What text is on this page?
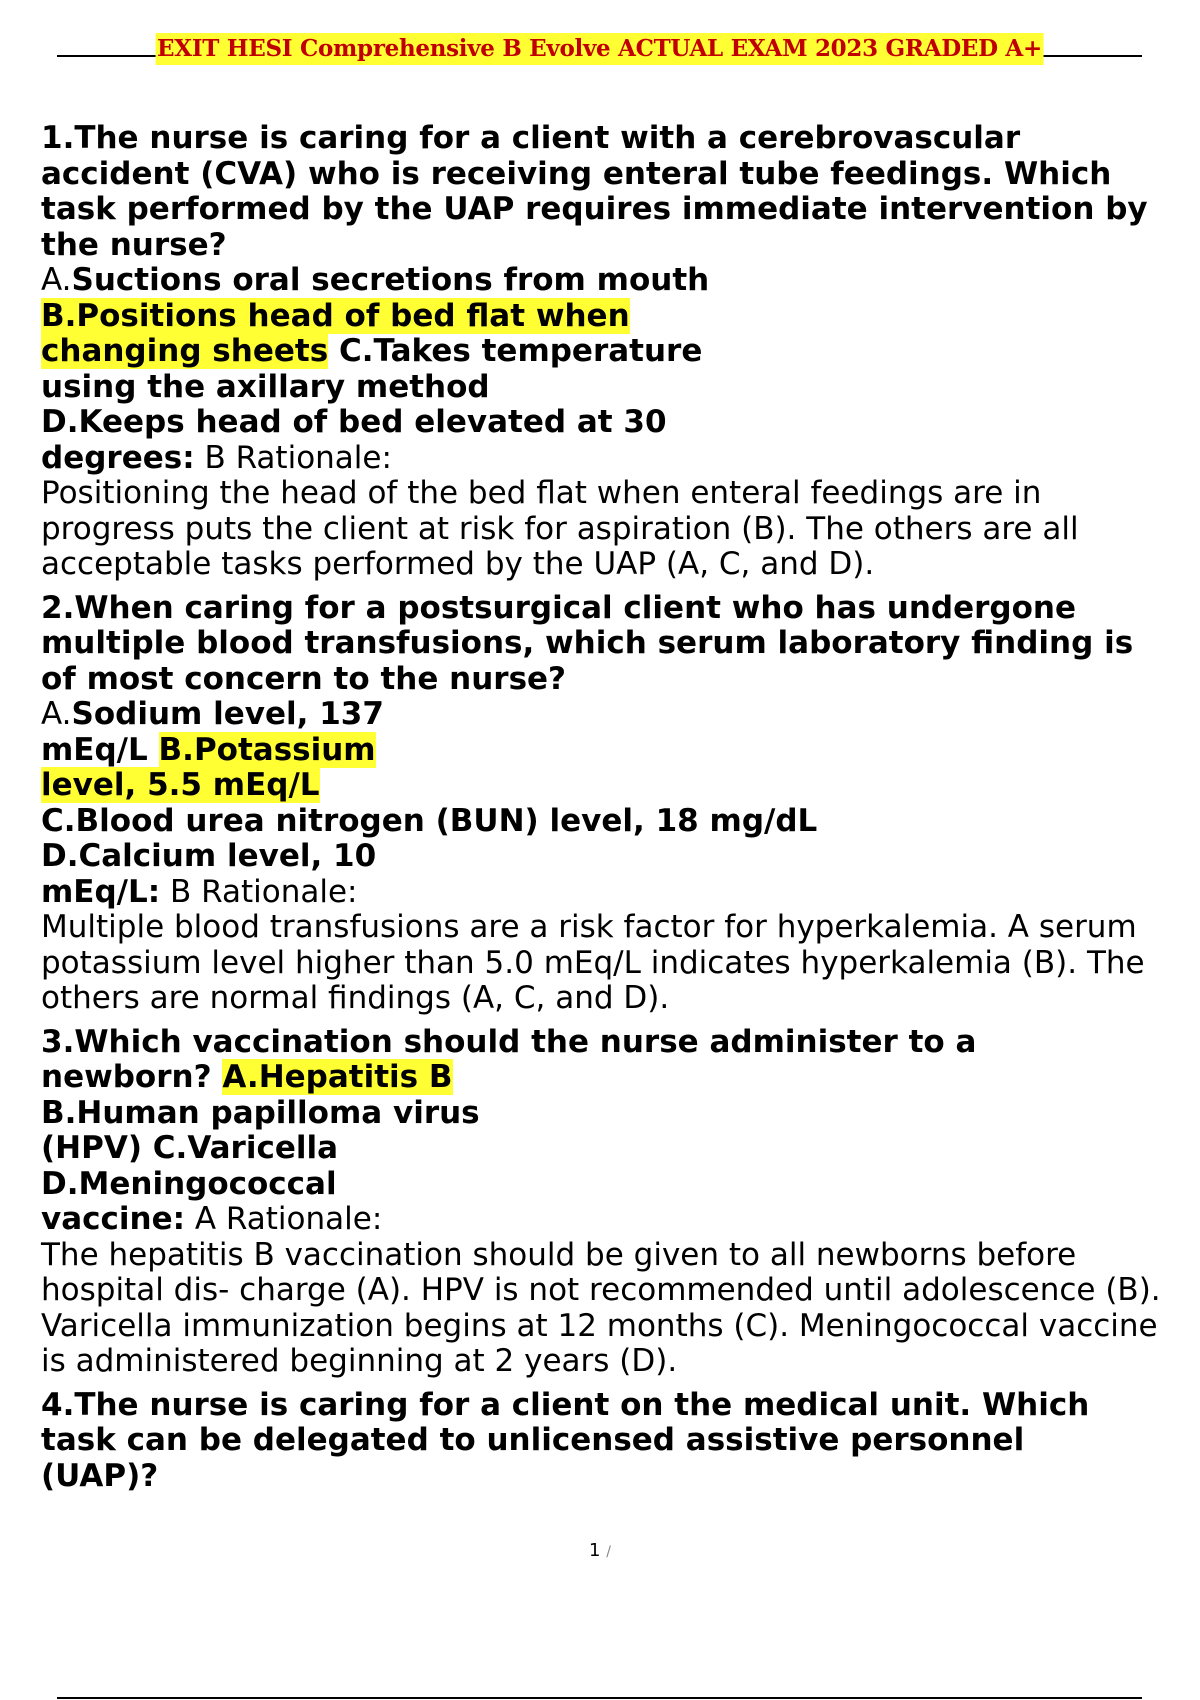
EXIT HESI Comprehensive B Evolve ACTUAL EXAM 2023 GRADED A+
1.The nurse is caring for a client with a cerebrovascular
accident (CVA) who is receiving enteral tube feedings. Which
task performed by the UAP requires immediate intervention by
the nurse?
A.Suctions oral secretions from mouth
B.Positions head of bed flat when
changing sheets C.Takes temperature
using the axillary method
D.Keeps head of bed elevated at 30
degrees: B Rationale:
Positioning the head of the bed flat when enteral feedings are in
progress puts the client at risk for aspiration (B). The others are all
acceptable tasks performed by the UAP (A, C, and D).
2.When caring for a postsurgical client who has undergone
multiple blood transfusions, which serum laboratory finding is
of most concern to the nurse?
A.Sodium level, 137
mEq/L B.Potassium
level, 5.5 mEq/L
C.Blood urea nitrogen (BUN) level, 18 mg/dL
D.Calcium level, 10
mEq/L: B Rationale:
Multiple blood transfusions are a risk factor for hyperkalemia. A serum
potassium level higher than 5.0 mEq/L indicates hyperkalemia (B). The
others are normal findings (A, C, and D).
3.Which vaccination should the nurse administer to a
newborn? A.Hepatitis B
B.Human papilloma virus
(HPV) C.Varicella
D.Meningococcal
vaccine: A Rationale:
The hepatitis B vaccination should be given to all newborns before
hospital dis- charge (A). HPV is not recommended until adolescence (B).
Varicella immunization begins at 12 months (C). Meningococcal vaccine
is administered beginning at 2 years (D).
4.The nurse is caring for a client on the medical unit. Which
task can be delegated to unlicensed assistive personnel
(UAP)?
1 /
